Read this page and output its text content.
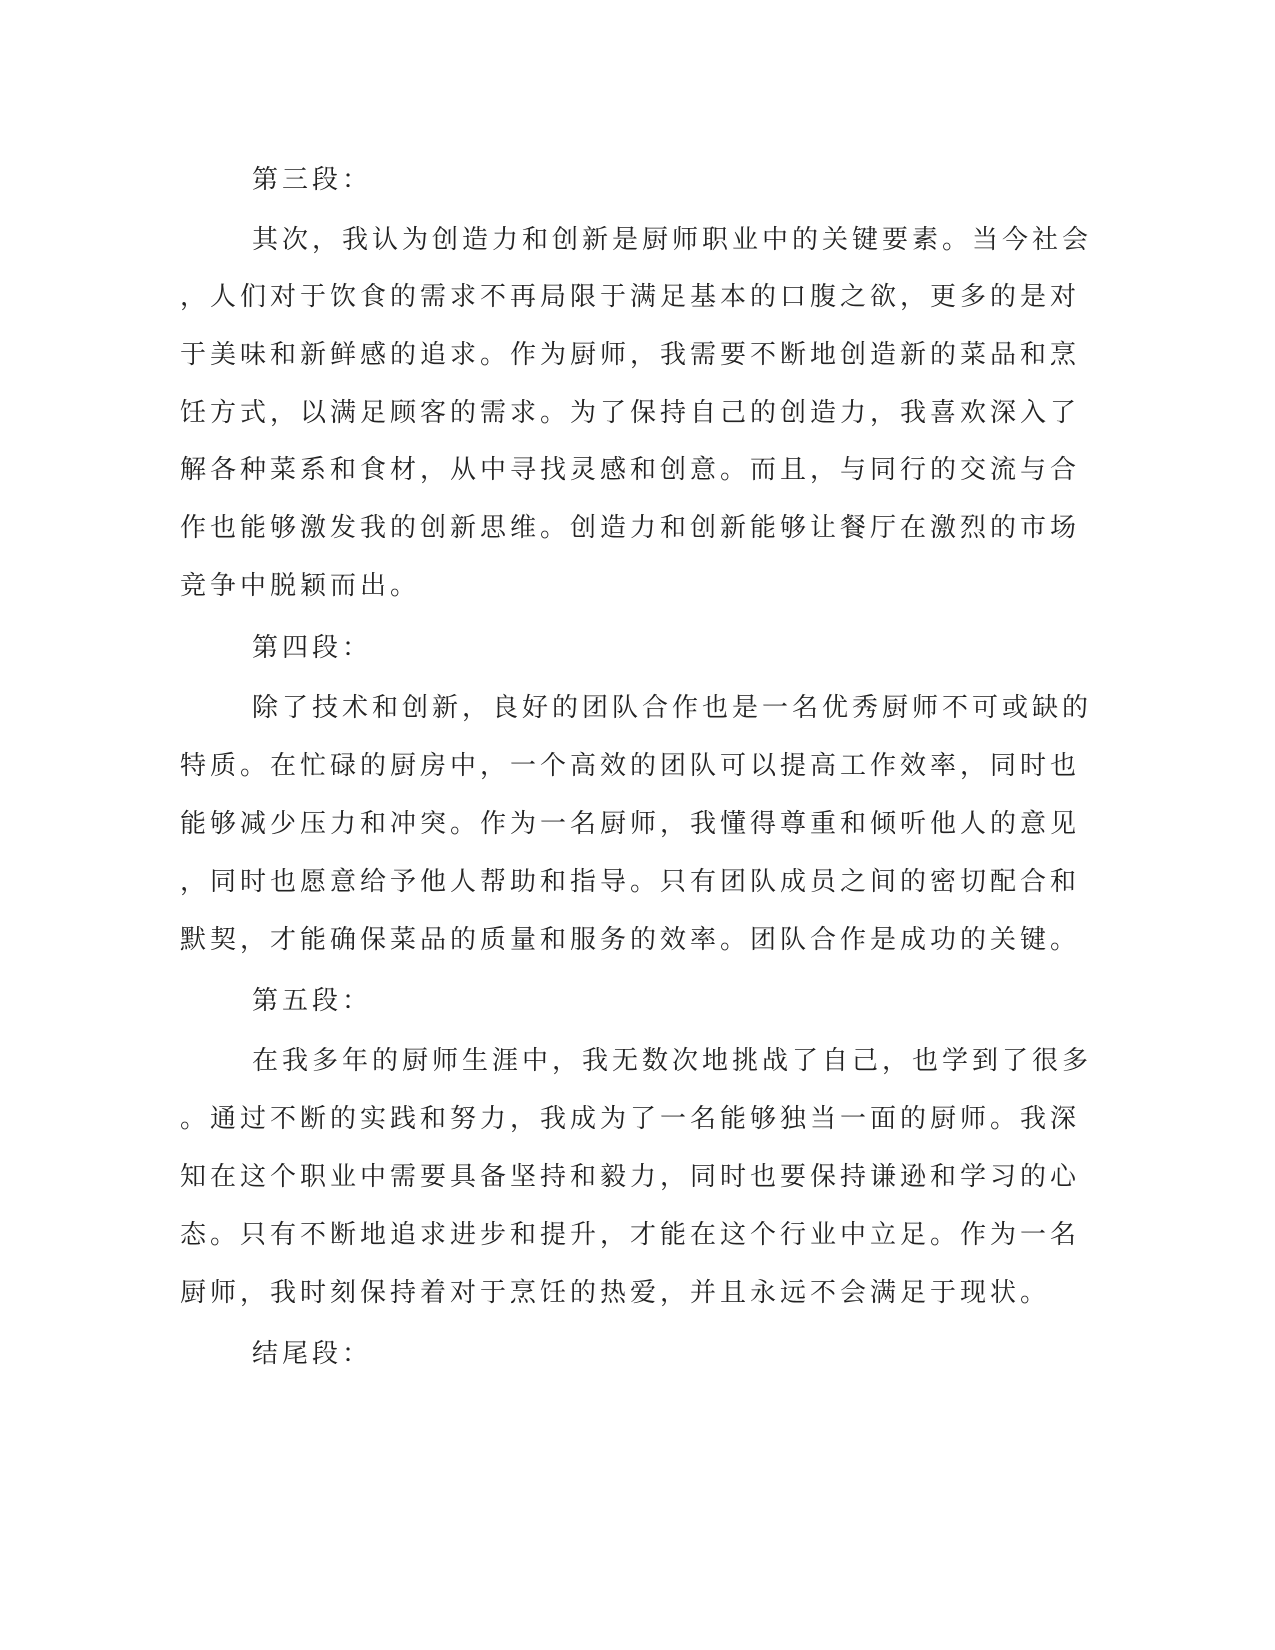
第三段：
其次，我认为创造力和创新是厨师职业中的关键要素。当今社会
，人们对于饮食的需求不再局限于满足基本的口腹之欲，更多的是对
于美味和新鲜感的追求。作为厨师，我需要不断地创造新的菜品和烹
饪方式，以满足顾客的需求。为了保持自己的创造力，我喜欢深入了
解各种菜系和食材，从中寻找灵感和创意。而且，与同行的交流与合
作也能够激发我的创新思维。创造力和创新能够让餐厅在激烈的市场
竞争中脱颖而出。
第四段：
除了技术和创新，良好的团队合作也是一名优秀厨师不可或缺的
特质。在忙碌的厨房中，一个高效的团队可以提高工作效率，同时也
能够减少压力和冲突。作为一名厨师，我懂得尊重和倾听他人的意见
，同时也愿意给予他人帮助和指导。只有团队成员之间的密切配合和
默契，才能确保菜品的质量和服务的效率。团队合作是成功的关键。
第五段：
在我多年的厨师生涯中，我无数次地挑战了自己，也学到了很多
。通过不断的实践和努力，我成为了一名能够独当一面的厨师。我深
知在这个职业中需要具备坚持和毅力，同时也要保持谦逊和学习的心
态。只有不断地追求进步和提升，才能在这个行业中立足。作为一名
厨师，我时刻保持着对于烹饪的热爱，并且永远不会满足于现状。
结尾段：
